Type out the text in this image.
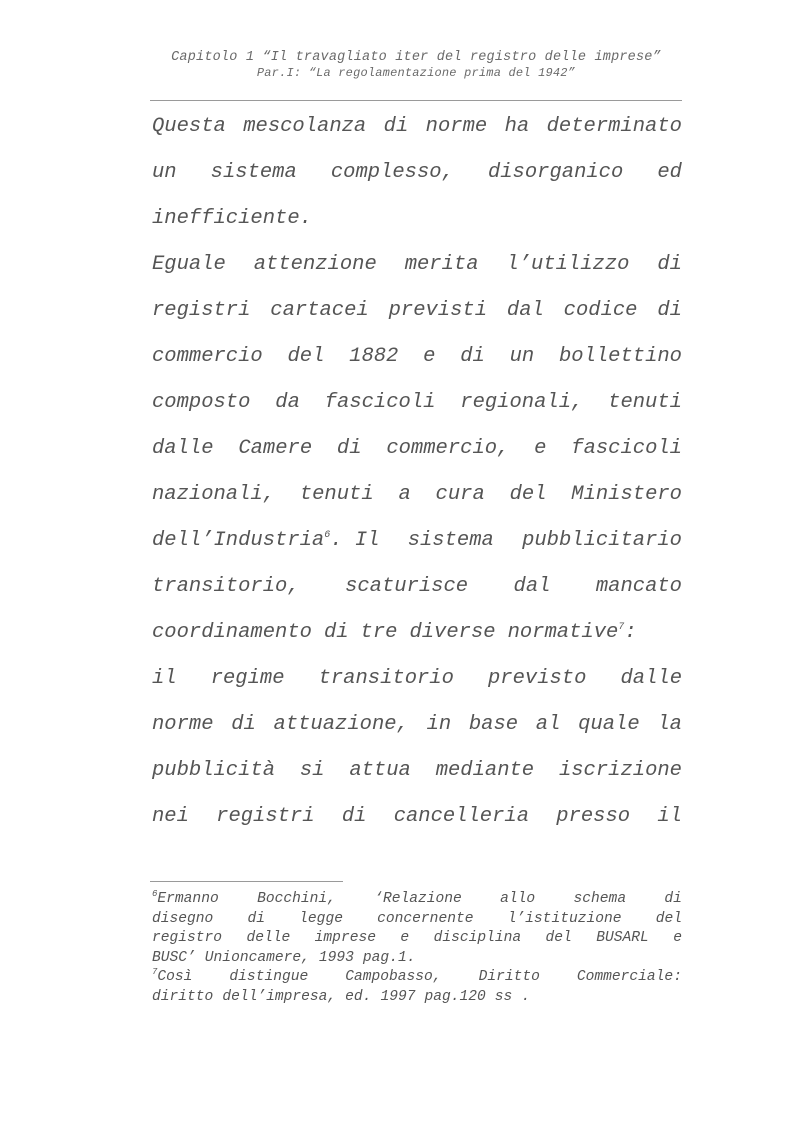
Capitolo 1 “Il travagliato iter del registro delle imprese”
Par.I: “La regolamentazione prima del 1942”
Questa mescolanza di norme ha determinato
un sistema complesso, disorganico ed
inefficiente.
Eguale attenzione merita l’utilizzo di
registri cartacei previsti dal codice di
commercio del 1882 e di un bollettino
composto da fascicoli regionali, tenuti
dalle Camere di commercio, e fascicoli
nazionali, tenuti a cura del Ministero
dell’Industria$^6$. Il sistema pubblicitario
transitorio, scaturisce dal mancato
coordinamento di tre diverse normative$^7$:
il regime transitorio previsto dalle
norme di attuazione, in base al quale la
pubblicità si attua mediante iscrizione
nei registri di cancelleria presso il
$^6$Ermanno	Bocchini,	‘Relazione	allo	schema	di
disegno di legge concernente l’istituzione del
registro delle imprese e disciplina del BUSARL e
BUSC’ Unioncamere, 1993 pag.1.
$^7$Così	distingue	Campobasso,	Diritto	Commerciale:
diritto dell’impresa, ed. 1997 pag.120 ss .
